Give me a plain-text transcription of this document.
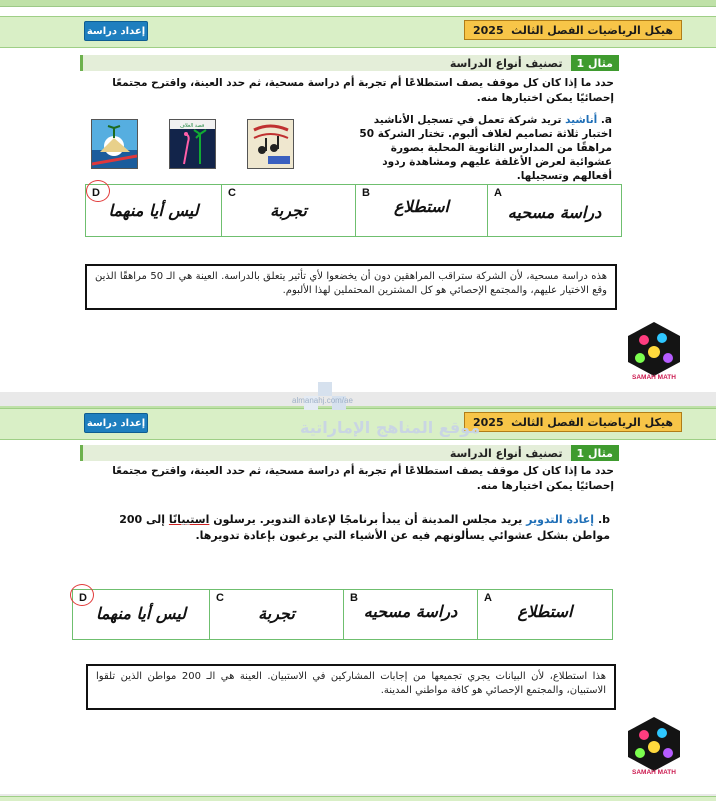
هيكل الرياضيات الفصل الثالث
2025
إعداد دراسة
مثال 1
تصنيف أنواع الدراسة
حدد ما إذا كان كل موقف يصف استطلاعًا أم تجربة أم دراسة مسحية، ثم حدد العينة، واقترح مجتمعًا إحصائيًا يمكن اختيارها منه.
a. أناشيد تريد شركة تعمل في تسجيل الأناشيد اختبار ثلاثة تصاميم لغلاف ألبوم. تختار الشركة 50 مراهقًا من المدارس الثانوية المحلية بصورة عشوائية لعرض الأغلفة عليهم ومشاهدة ردود أفعالهم وتسجيلها.
قصة الغلاف
D
ليس أيا منهما

C
تجربة

B
استطلاع

A
دراسة مسحيه
هذه دراسة مسحية، لأن الشركة ستراقب المراهقين دون أن يخضعوا لأي تأثير يتعلق بالدراسة. العينة هي الـ 50 مراهقًا الذين وقع الاختيار عليهم، والمجتمع الإحصائي هو كل المشترين المحتملين لهذا الألبوم.
SAMAH MATH
هيكل الرياضيات الفصل الثالث
2025
إعداد دراسة
مثال 1
تصنيف أنواع الدراسة
حدد ما إذا كان كل موقف يصف استطلاعًا أم تجربة أم دراسة مسحية، ثم حدد العينة، واقترح مجتمعًا إحصائيًا يمكن اختيارها منه.
b. إعادة التدوير يريد مجلس المدينة أن يبدأ برنامجًا لإعادة التدوير. يرسلون استبيانًا إلى 200 مواطن بشكل عشوائي يسألونهم فيه عن الأشياء التي يرغبون بإعادة تدويرها.
D
ليس أيا منهما

C
تجربة

B
دراسة مسحيه

A
استطلاع
هذا استطلاع، لأن البيانات يجري تجميعها من إجابات المشاركين في الاستبيان. العينة هي الـ 200 مواطن الذين تلقوا الاستبيان، والمجتمع الإحصائي هو كافة مواطني المدينة.
SAMAH MATH
almanahj.com/ae
موقع المناهج الإماراتية
